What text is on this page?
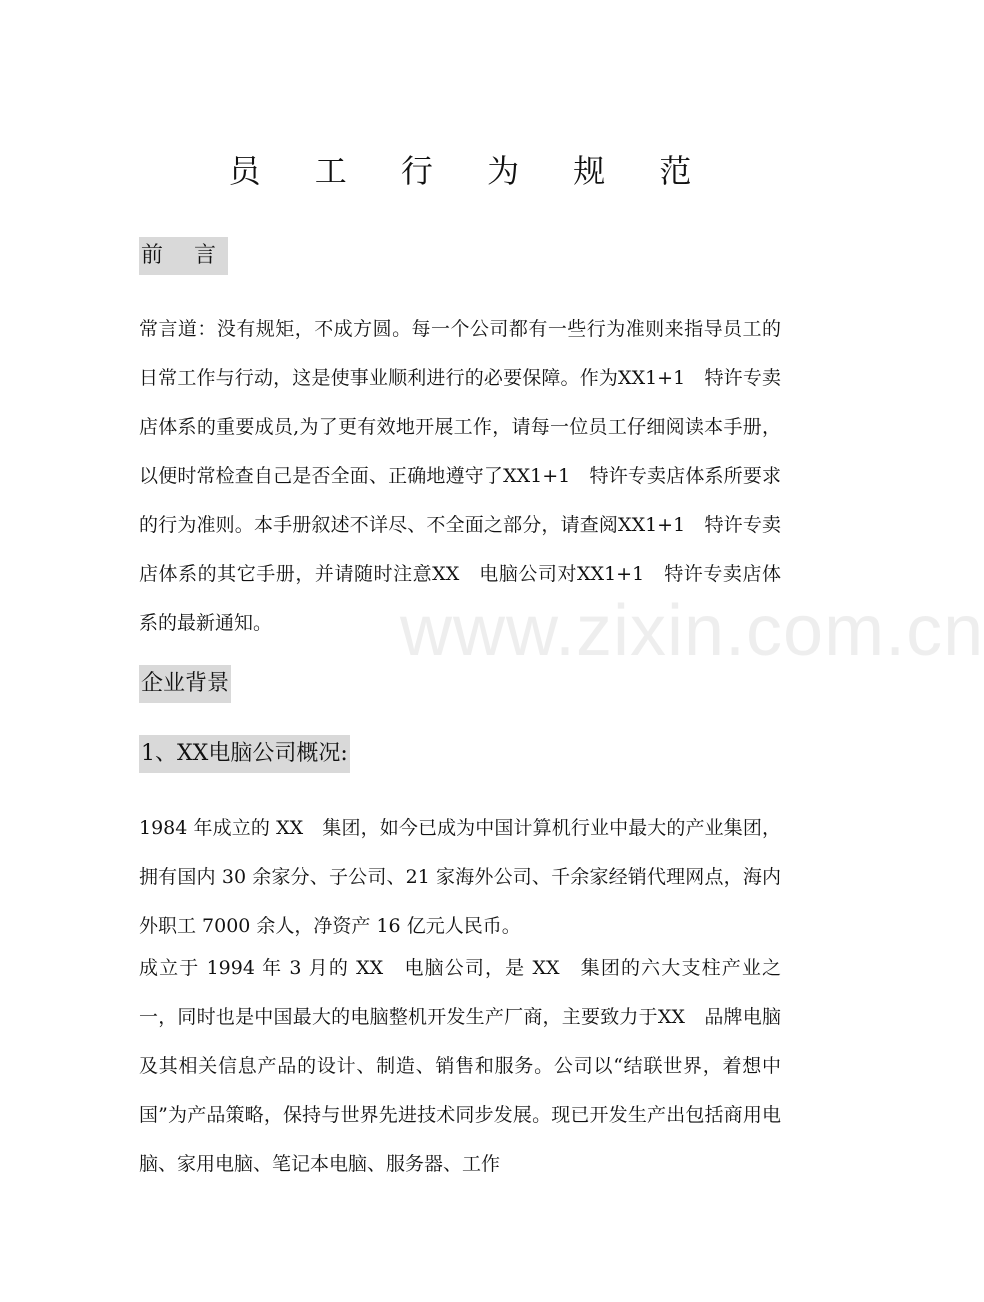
www.zixin.com.cn
员 工 行 为 规 范
前 言
常言道：没有规矩，不成方圆。每一个公司都有一些行为准则来指导员工的日常工作与行动，这是使事业顺利进行的必要保障。作为XX1+1　特许专卖店体系的重要成员,为了更有效地开展工作，请每一位员工仔细阅读本手册，以便时常检查自己是否全面、正确地遵守了XX1+1　特许专卖店体系所要求的行为准则。本手册叙述不详尽、不全面之部分，请查阅XX1+1　特许专卖店体系的其它手册，并请随时注意XX　电脑公司对XX1+1　特许专卖店体系的最新通知。
企业背景
1、XX电脑公司概况:
1984 年成立的 XX　集团，如今已成为中国计算机行业中最大的产业集团，拥有国内 30 余家分、子公司、21 家海外公司、千余家经销代理网点，海内外职工 7000 余人，净资产 16 亿元人民币。
成立于 1994 年 3 月的 XX　电脑公司，是 XX　集团的六大支柱产业之一，同时也是中国最大的电脑整机开发生产厂商，主要致力于XX　品牌电脑及其相关信息产品的设计、制造、销售和服务。公司以“结联世界，着想中国”为产品策略，保持与世界先进技术同步发展。现已开发生产出包括商用电脑、家用电脑、笔记本电脑、服务器、工作
